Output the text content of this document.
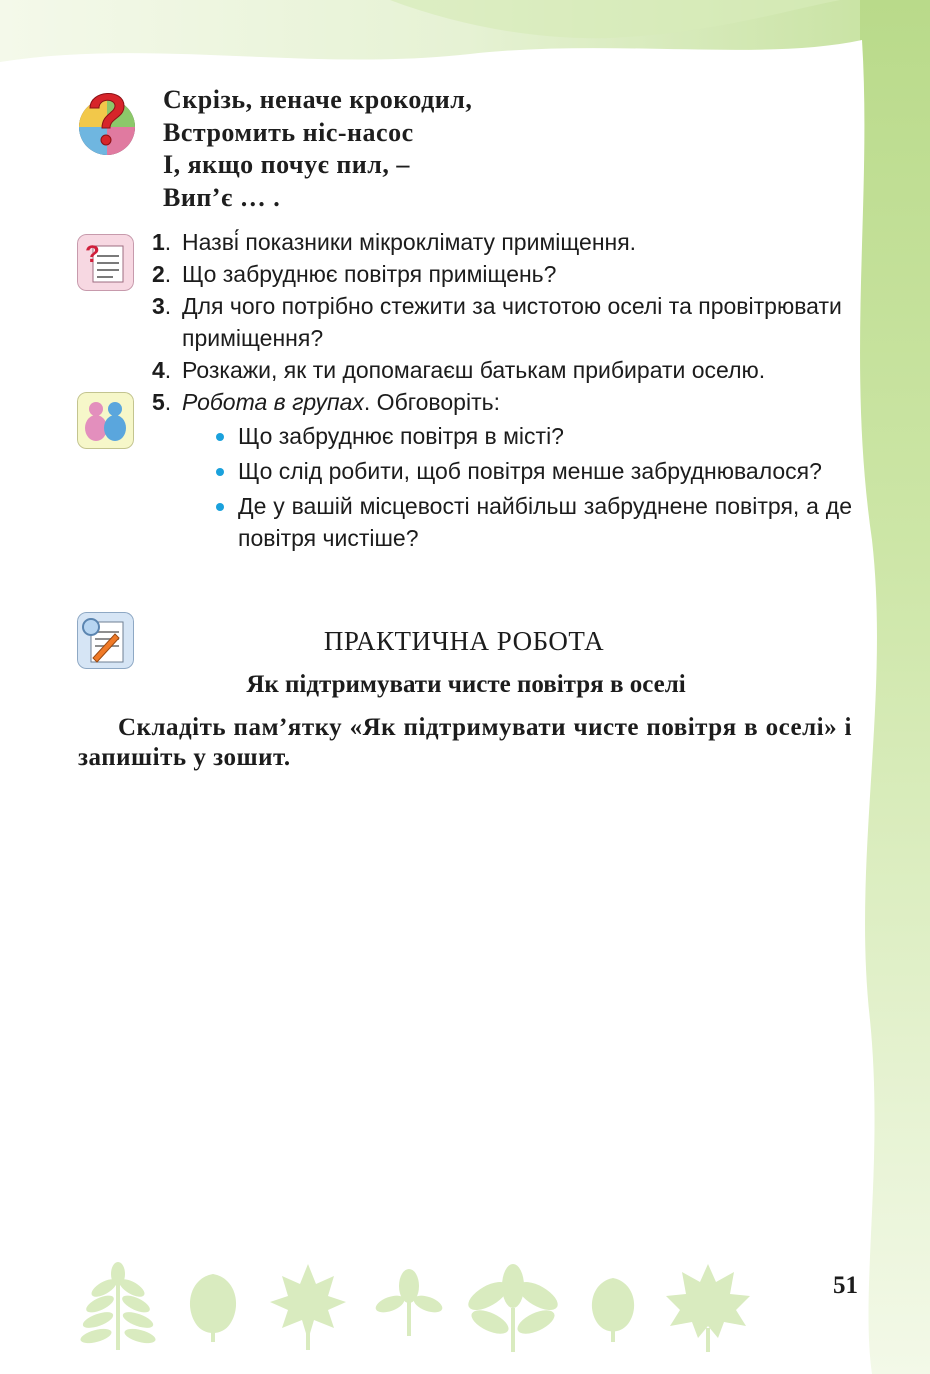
Скрізь, неначе крокодил,
Встромить ніс-насос
І, якщо почує пил, –
Вип’є … .
? 1. Назві́ показники мікроклімату приміщення.
2. Що забруднює повітря приміщень?
3. Для чого потрібно стежити за чистотою оселі та провітрювати приміщення?
4. Розкажи, як ти допомагаєш батькам прибирати оселю.
5. Робота в групах. Обговоріть:
Що забруднює повітря в місті?
Що слід робити, щоб повітря менше забруднювалося?
Де у вашій місцевості найбільш забруднене повітря, а де повітря чистіше?
ПРАКТИЧНА РОБОТА
Як підтримувати чисте повітря в оселі

Складіть пам’ятку «Як підтримувати чисте повітря в оселі» і запишіть у зошит.

51
